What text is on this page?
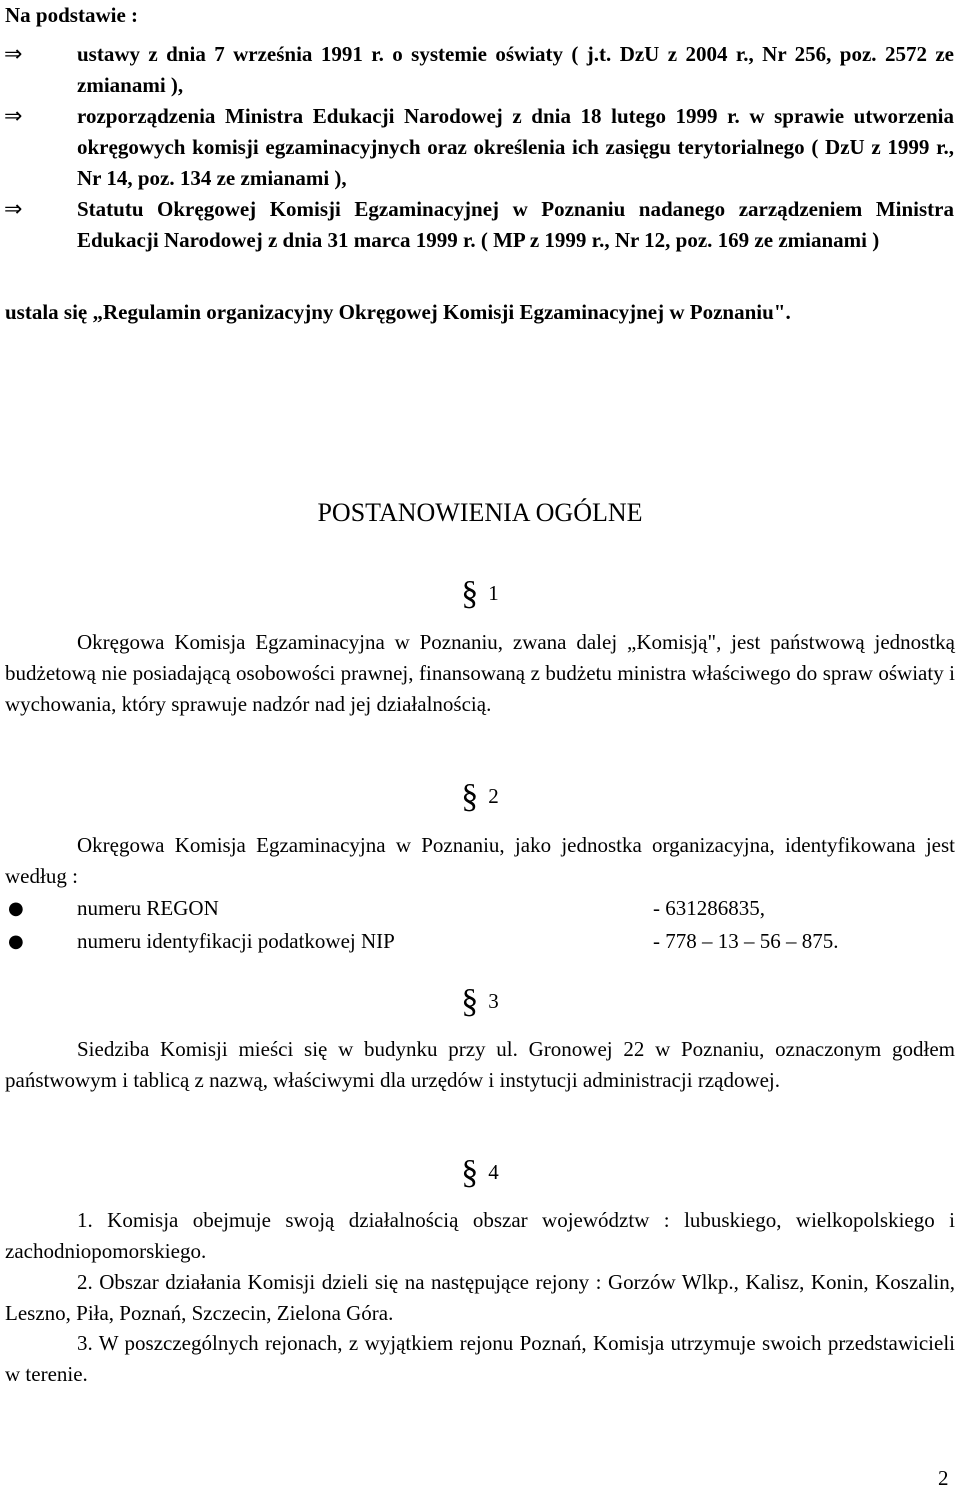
Na podstawie :
⇒	ustawy z dnia 7 września 1991 r. o systemie oświaty ( j.t. DzU z 2004 r., Nr 256, poz. 2572 ze zmianami ),
⇒	rozporządzenia Ministra Edukacji Narodowej z dnia 18 lutego 1999 r. w sprawie utworzenia okręgowych komisji egzaminacyjnych oraz określenia ich zasięgu terytorialnego ( DzU z 1999 r., Nr 14, poz. 134 ze zmianami ),
⇒	Statutu Okręgowej Komisji Egzaminacyjnej w Poznaniu nadanego zarządzeniem Ministra Edukacji Narodowej z dnia 31 marca 1999 r. ( MP z 1999 r., Nr 12, poz. 169 ze zmianami )
ustala się „Regulamin organizacyjny Okręgowej Komisji Egzaminacyjnej w Poznaniu".
POSTANOWIENIA OGÓLNE
§ 1
Okręgowa Komisja Egzaminacyjna w Poznaniu, zwana dalej „Komisją", jest państwową jednostką budżetową nie posiadającą osobowości prawnej, finansowaną z budżetu ministra właściwego do spraw oświaty i wychowania, który sprawuje nadzór nad jej działalnością.
§ 2
Okręgowa Komisja Egzaminacyjna w Poznaniu, jako jednostka organizacyjna, identyfikowana jest według :
●	numeru REGON	- 631286835,
●	numeru identyfikacji podatkowej NIP	- 778 – 13 – 56 – 875.
§ 3
Siedziba Komisji mieści się w budynku przy ul. Gronowej 22 w Poznaniu, oznaczonym godłem państwowym i tablicą z nazwą, właściwymi dla urzędów i instytucji administracji rządowej.
§ 4
1. Komisja obejmuje swoją działalnością obszar województw : lubuskiego, wielkopolskiego i zachodniopomorskiego.
2. Obszar działania Komisji dzieli się na następujące rejony : Gorzów Wlkp., Kalisz, Konin, Koszalin, Leszno, Piła, Poznań, Szczecin, Zielona Góra.
3. W poszczególnych rejonach, z wyjątkiem rejonu Poznań, Komisja utrzymuje swoich przedstawicieli w terenie.
2
